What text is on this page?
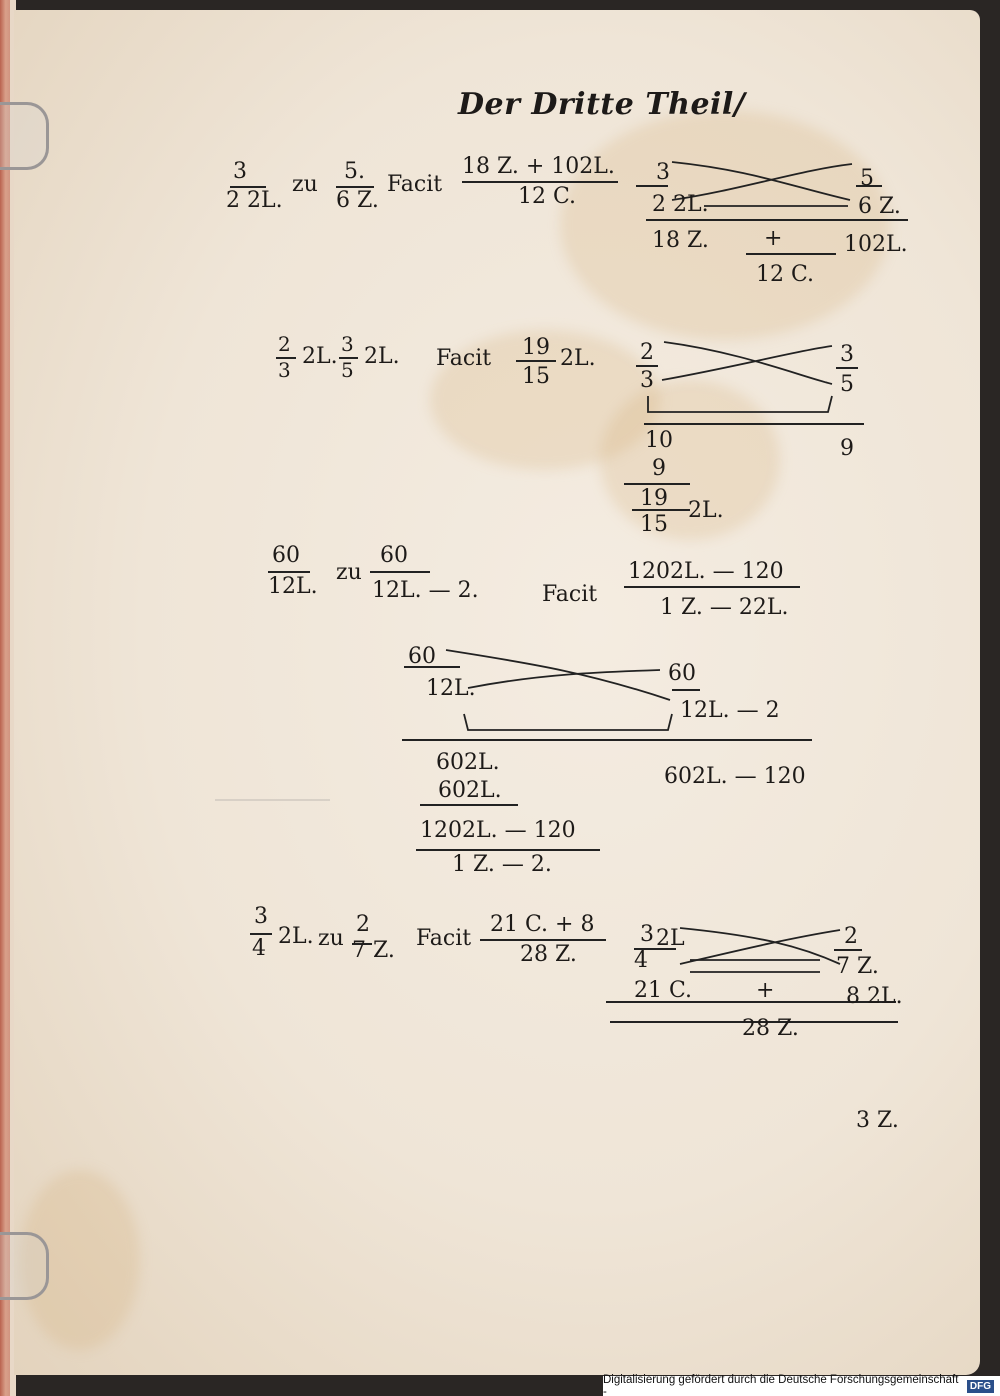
Der Dritte Theil/
3
2 2L.
zu
5.
6 Z.
Facit
18 Z. + 102L.
12 C.
3	5
2 2L.	6 Z.
18 Z.	+	102L.
12 C.
2
3
2L. 3
5
2L. Facit 19
15
2L. 2	3
3	5
10	9
9
19
15
2L.
60
12L.
zu
60
12L. — 2.	Facit
1202L. — 120
1 Z. — 22L.
60
12L.
60
12L. — 2
602L.
602L. — 120
602L.
1202L. — 120
1 Z. — 2.
3
4 2L. zu
2
7 Z. Facit
21 C. + 8
28 Z.
3 2L
4
2
7 Z.
21 C.	+	8 2L.
28 Z.
3 Z.
Digitalisierung gefördert durch die Deutsche Forschungsgemeinschaft -	DFG
